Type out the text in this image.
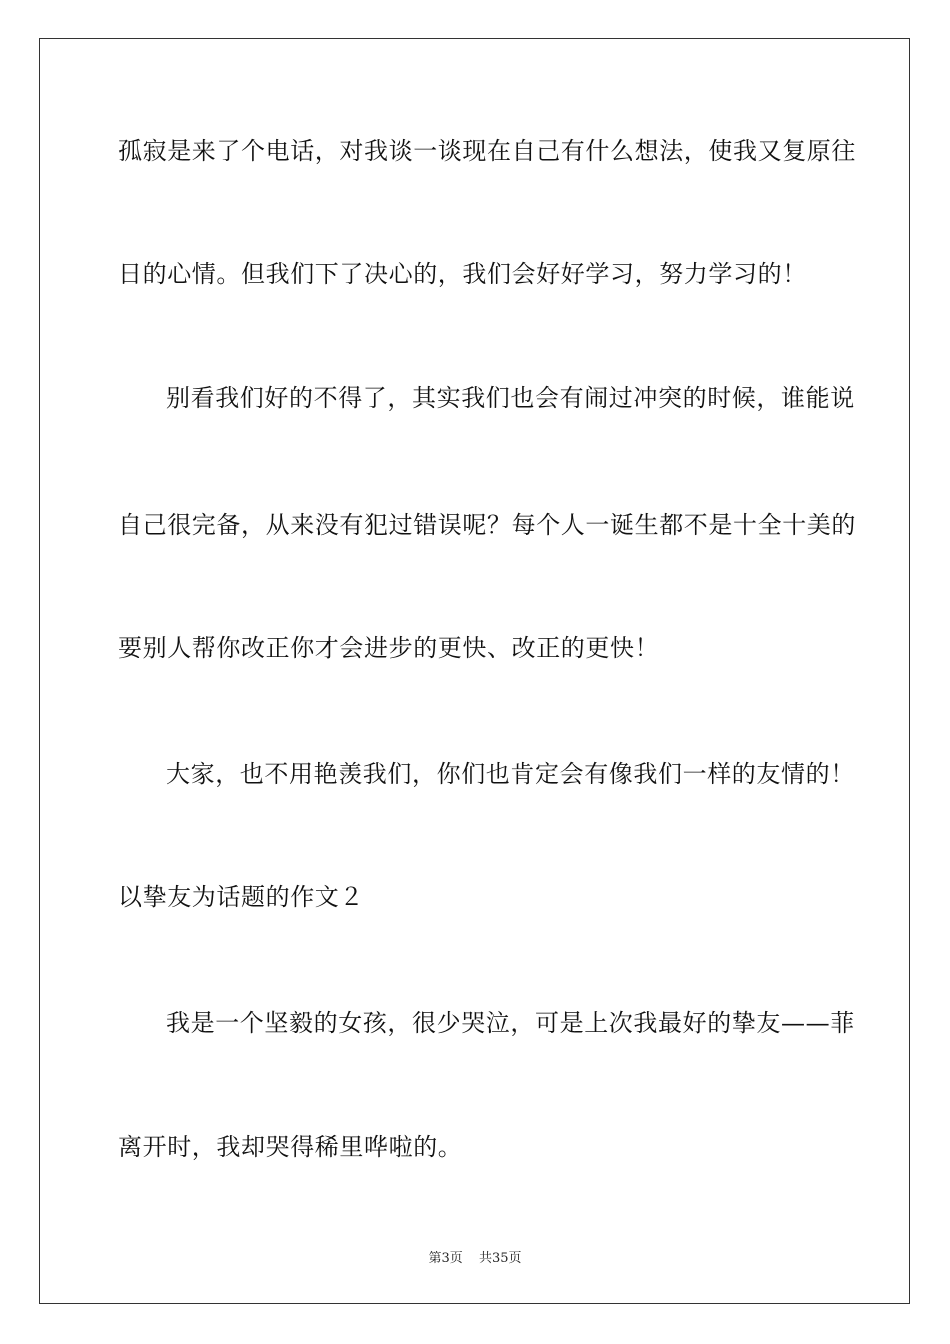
孤寂是来了个电话，对我谈一谈现在自己有什么想法，使我又复原往
日的心情。但我们下了决心的，我们会好好学习，努力学习的！
别看我们好的不得了，其实我们也会有闹过冲突的时候，谁能说
自己很完备，从来没有犯过错误呢？每个人一诞生都不是十全十美的
要别人帮你改正你才会进步的更快、改正的更快！
大家，也不用艳羡我们，你们也肯定会有像我们一样的友情的！
以挚友为话题的作文２
我是一个坚毅的女孩，很少哭泣，可是上次我最好的挚友——菲
离开时，我却哭得稀里哗啦的。
第3页 共35页
